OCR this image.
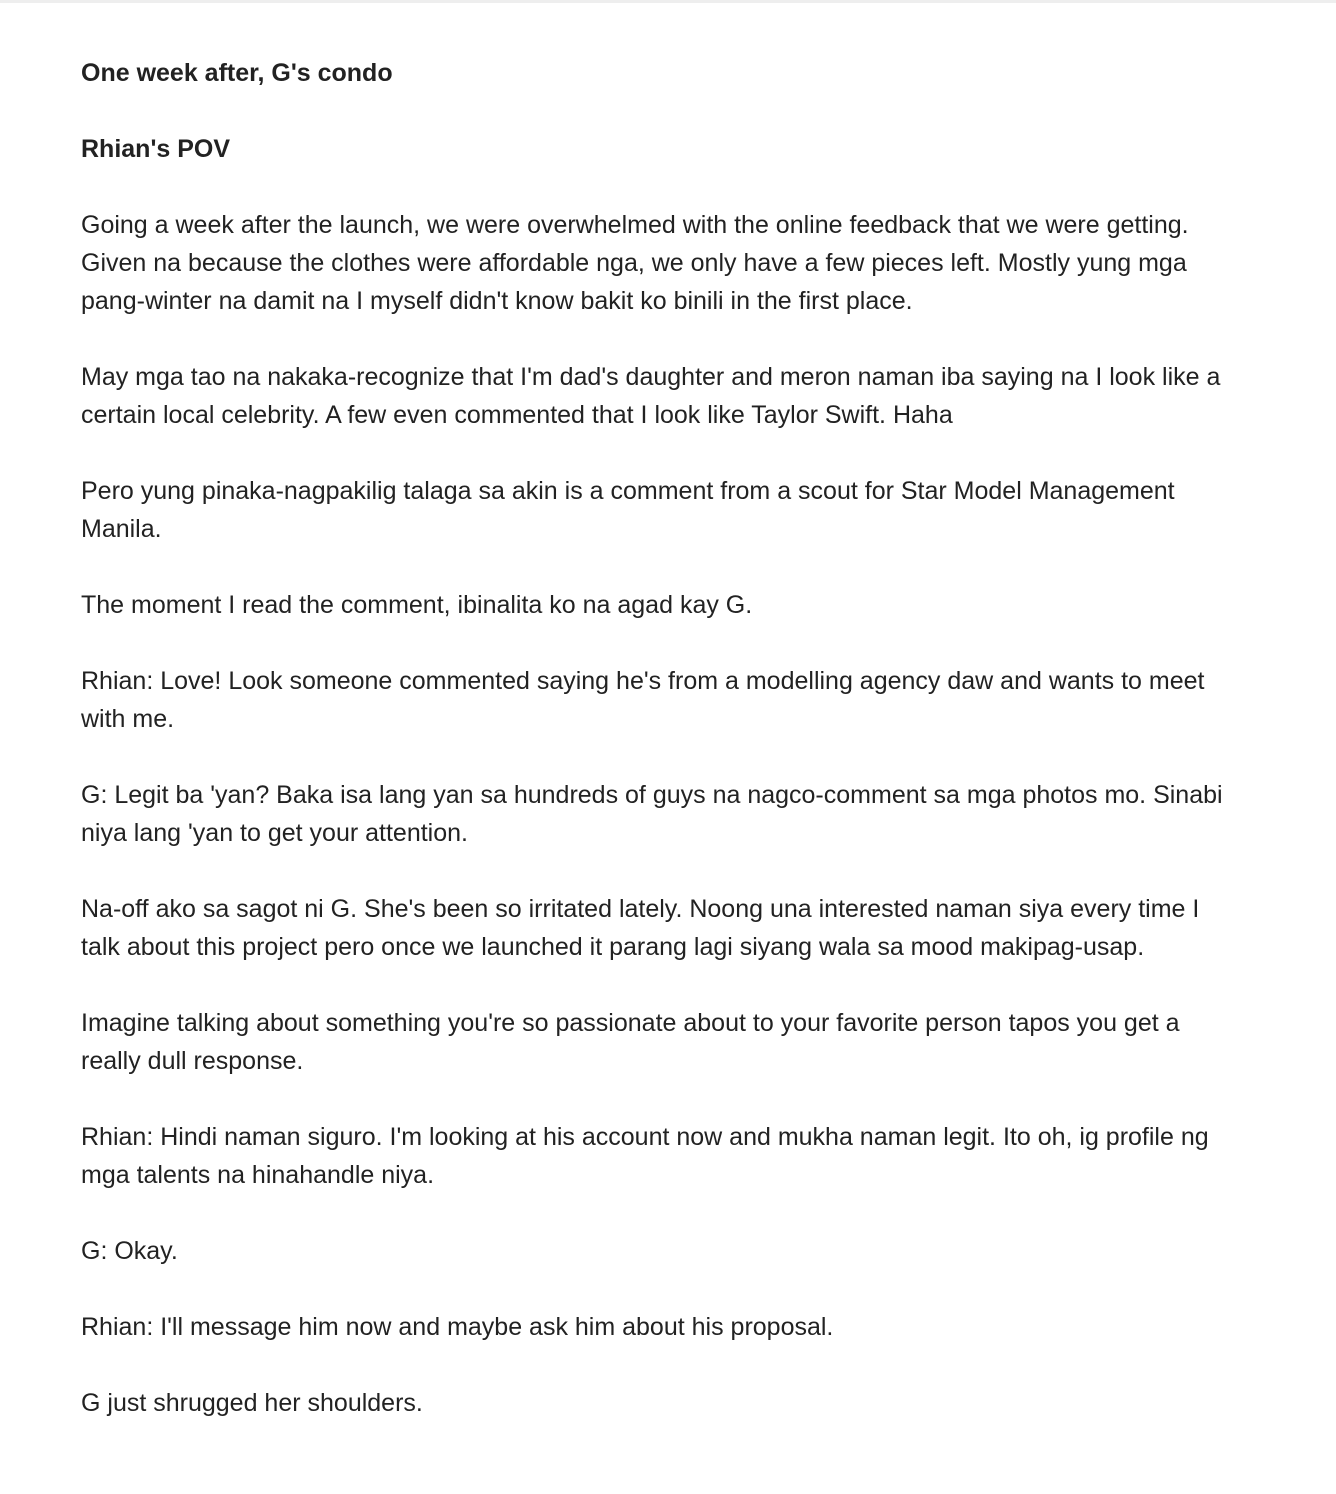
One week after, G's condo

Rhian's POV

Going a week after the launch, we were overwhelmed with the online feedback that we were getting. Given na because the clothes were affordable nga, we only have a few pieces left. Mostly yung mga pang-winter na damit na I myself didn't know bakit ko binili in the first place.

May mga tao na nakaka-recognize that I'm dad's daughter and meron naman iba saying na I look like a certain local celebrity. A few even commented that I look like Taylor Swift. Haha

Pero yung pinaka-nagpakilig talaga sa akin is a comment from a scout for Star Model Management Manila.

The moment I read the comment, ibinalita ko na agad kay G.

Rhian: Love! Look someone commented saying he's from a modelling agency daw and wants to meet with me.

G: Legit ba 'yan? Baka isa lang yan sa hundreds of guys na nagco-comment sa mga photos mo. Sinabi niya lang 'yan to get your attention.

Na-off ako sa sagot ni G. She's been so irritated lately. Noong una interested naman siya every time I talk about this project pero once we launched it parang lagi siyang wala sa mood makipag-usap.

Imagine talking about something you're so passionate about to your favorite person tapos you get a really dull response.

Rhian: Hindi naman siguro. I'm looking at his account now and mukha naman legit. Ito oh, ig profile ng mga talents na hinahandle niya.

G: Okay.

Rhian: I'll message him now and maybe ask him about his proposal.

G just shrugged her shoulders.
